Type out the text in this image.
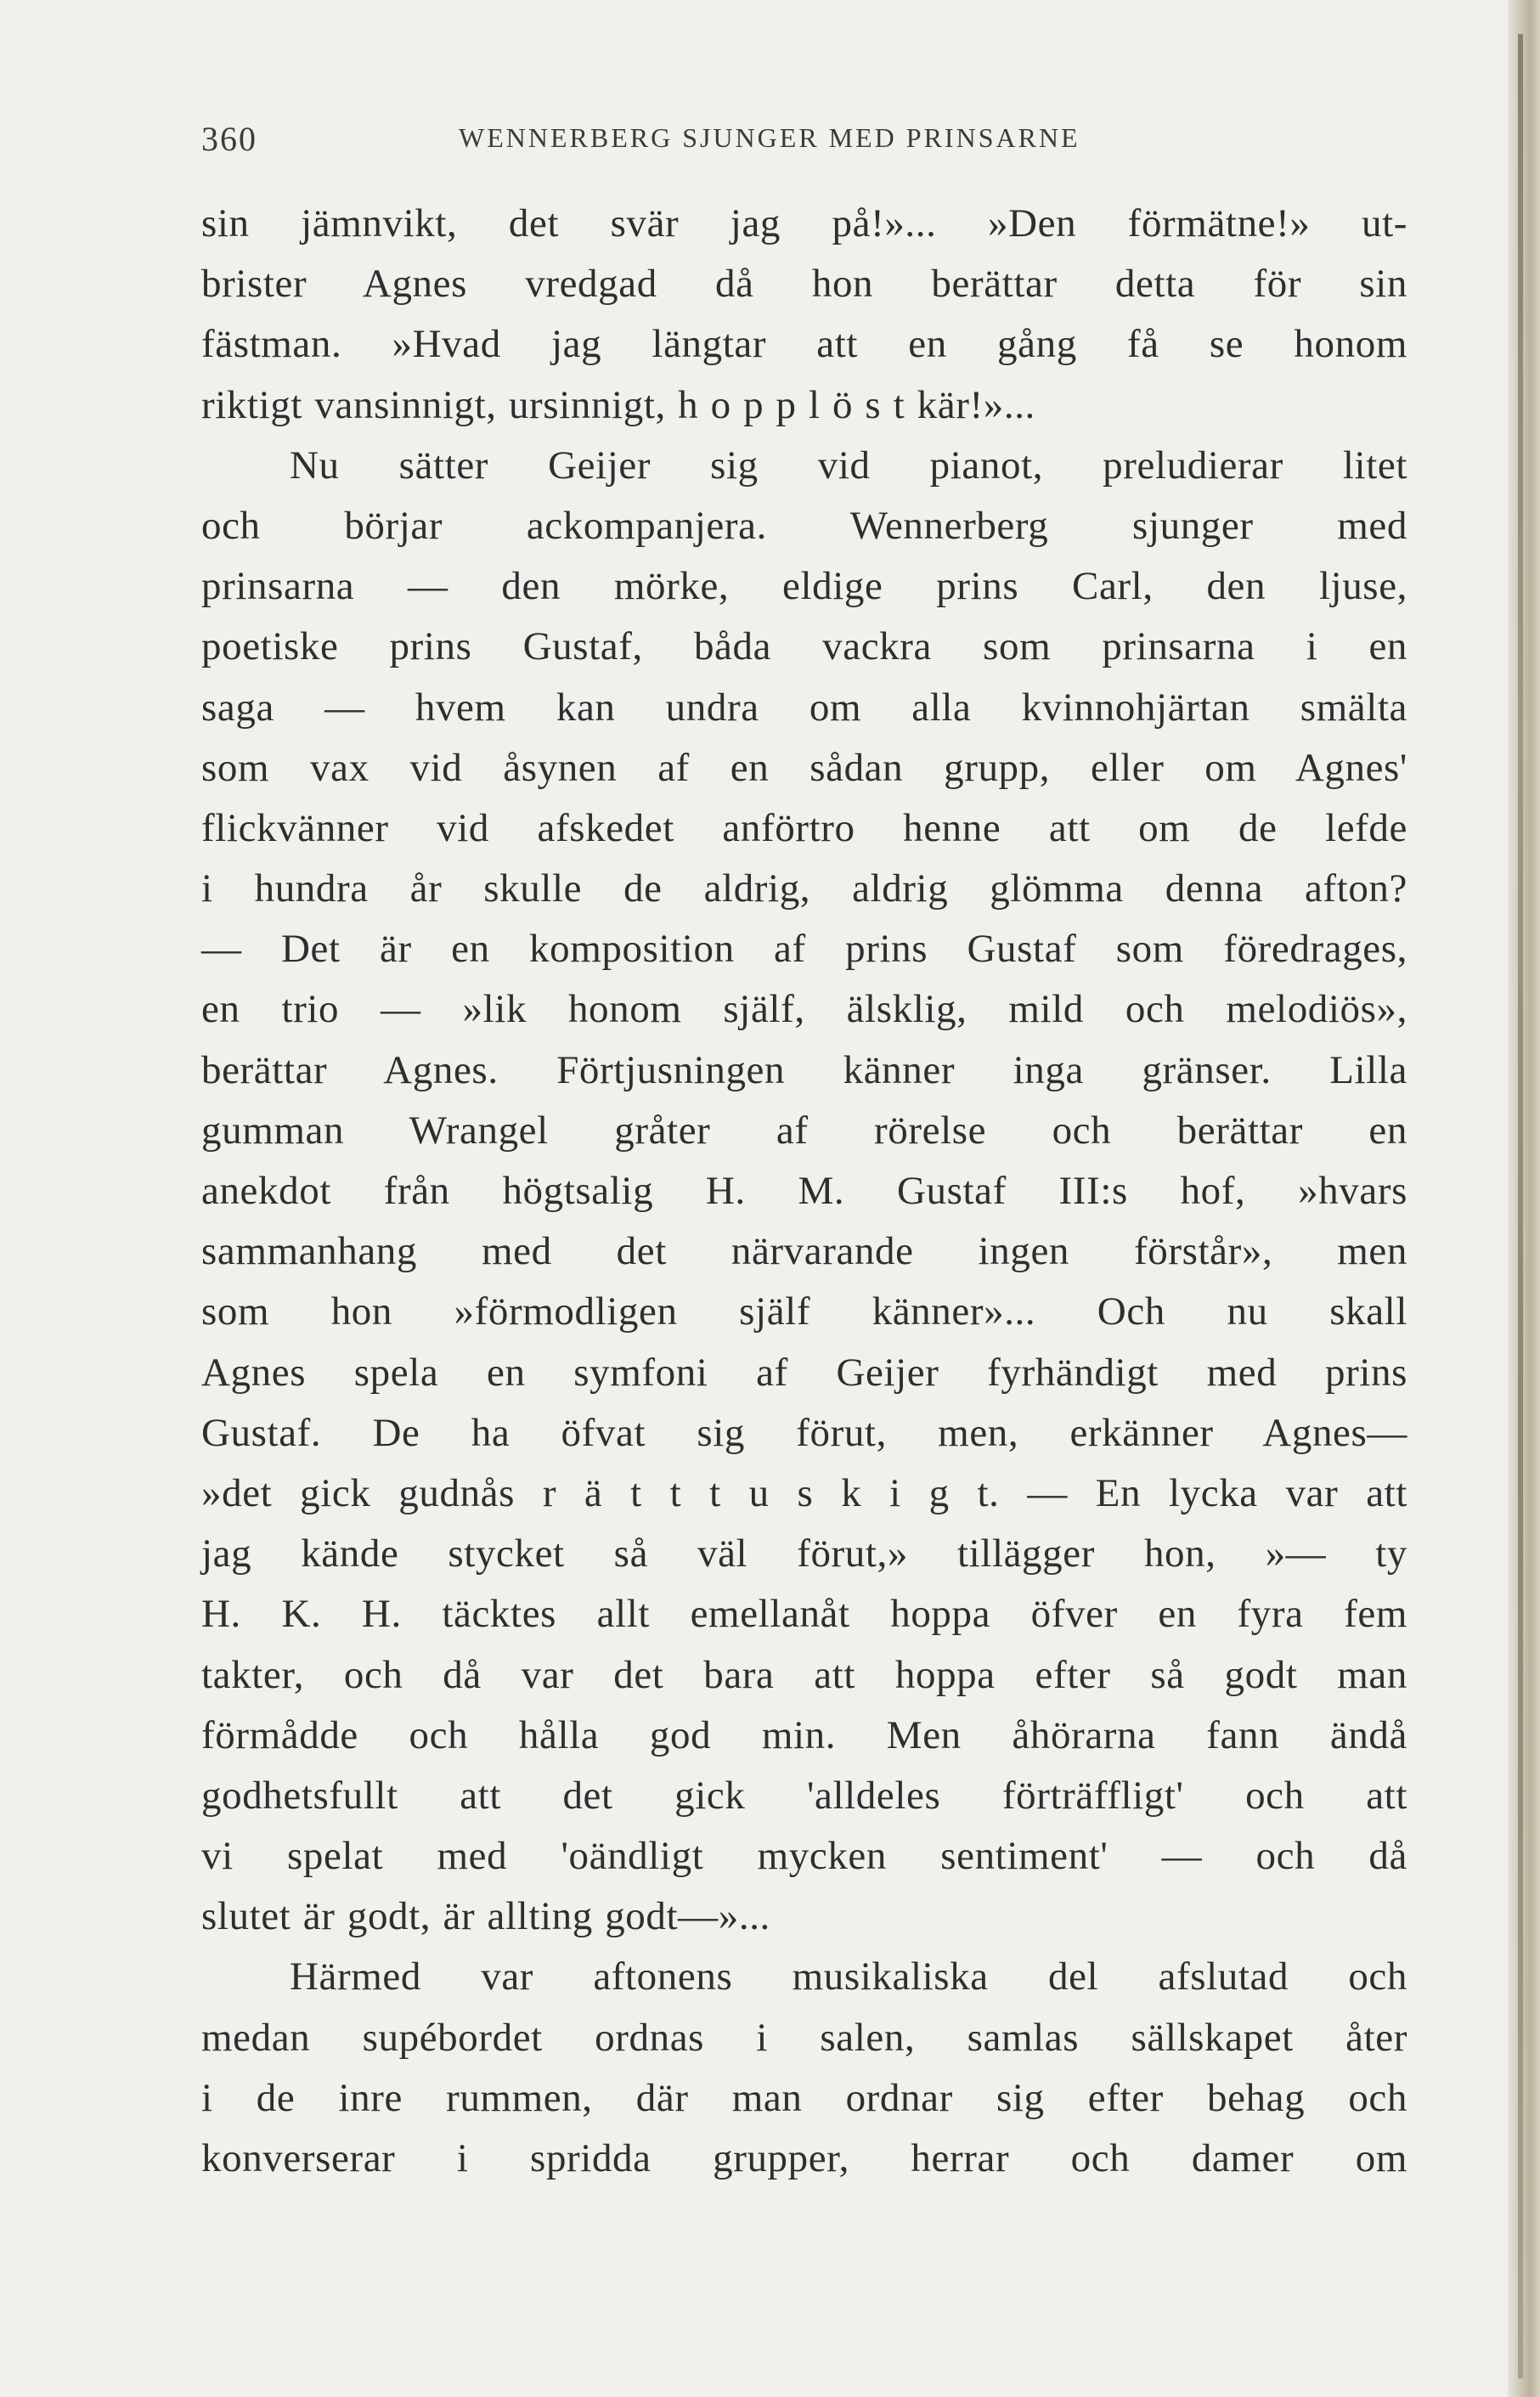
360	WENNERBERG SJUNGER MED PRINSARNE
sin jämnvikt, det svär jag på!»... »Den förmätne!» ut-
brister Agnes vredgad då hon berättar detta för sin
fästman. »Hvad jag längtar att en gång få se honom
riktigt vansinnigt, ursinnigt, h o p p l ö s t kär!»...
Nu sätter Geijer sig vid pianot, preludierar litet
och börjar ackompanjera. Wennerberg sjunger med
prinsarna — den mörke, eldige prins Carl, den ljuse,
poetiske prins Gustaf, båda vackra som prinsarna i en
saga — hvem kan undra om alla kvinnohjärtan smälta
som vax vid åsynen af en sådan grupp, eller om Agnes'
flickvänner vid afskedet anförtro henne att om de lefde
i hundra år skulle de aldrig, aldrig glömma denna afton?
— Det är en komposition af prins Gustaf som föredrages,
en trio — »lik honom själf, älsklig, mild och melodiös»,
berättar Agnes. Förtjusningen känner inga gränser. Lilla
gumman Wrangel gråter af rörelse och berättar en
anekdot från högtsalig H. M. Gustaf III:s hof, »hvars
sammanhang med det närvarande ingen förstår», men
som hon »förmodligen själf känner»... Och nu skall
Agnes spela en symfoni af Geijer fyrhändigt med prins
Gustaf. De ha öfvat sig förut, men, erkänner Agnes—
»det gick gudnås r ä t t t u s k i g t. — En lycka var att
jag kände stycket så väl förut,» tillägger hon, »— ty
H. K. H. täcktes allt emellanåt hoppa öfver en fyra fem
takter, och då var det bara att hoppa efter så godt man
förmådde och hålla god min. Men åhörarna fann ändå
godhetsfullt att det gick 'alldeles förträffligt' och att
vi spelat med 'oändligt mycken sentiment' — och då
slutet är godt, är allting godt—»...
Härmed var aftonens musikaliska del afslutad och
medan supébordet ordnas i salen, samlas sällskapet åter
i de inre rummen, där man ordnar sig efter behag och
konverserar i spridda grupper, herrar och damer om
